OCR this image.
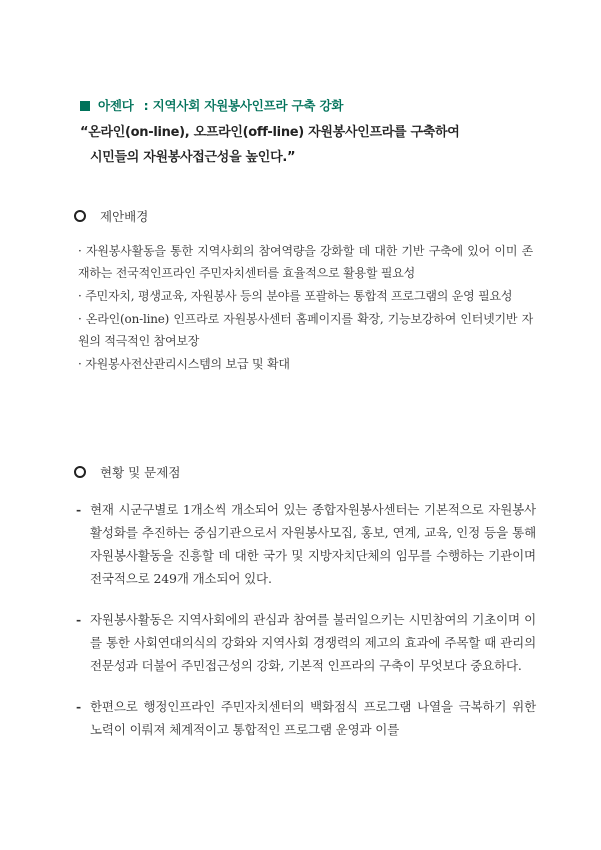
아젠다 : 지역사회 자원봉사인프라 구축 강화
“온라인(on-line), 오프라인(off-line) 자원봉사인프라를 구축하여
시민들의 자원봉사접근성을 높인다.”
제안배경

· 자원봉사활동을 통한 지역사회의 참여역량을 강화할 데 대한 기반 구축에 있어 이미 존재하는 전국적인프라인 주민자치센터를 효율적으로 활용할 필요성

· 주민자치, 평생교육, 자원봉사 등의 분야를 포괄하는 통합적 프로그램의 운영 필요성

· 온라인(on-line) 인프라로 자원봉사센터 홈페이지를 확장, 기능보강하여 인터넷기반 자원의 적극적인 참여보장

· 자원봉사전산관리시스템의 보급 및 확대

현황 및 문제점
- 현재 시군구별로 1개소씩 개소되어 있는 종합자원봉사센터는 기본적으로 자원봉사 활성화를 추진하는 중심기관으로서 자원봉사모집, 홍보, 연계, 교육, 인정 등을 통해 자원봉사활동을 진흥할 데 대한 국가 및 지방자치단체의 임무를 수행하는 기관이며 전국적으로 249개 개소되어 있다.
- 자원봉사활동은 지역사회에의 관심과 참여를 불러일으키는 시민참여의 기초이며 이를 통한 사회연대의식의 강화와 지역사회 경쟁력의 제고의 효과에 주목할 때 관리의 전문성과 더불어 주민접근성의 강화, 기본적 인프라의 구축이 무엇보다 중요하다.
- 한편으로 행정인프라인 주민자치센터의 백화점식 프로그램 나열을 극복하기 위한 노력이 이뤄져 체계적이고 통합적인 프로그램 운영과 이를
